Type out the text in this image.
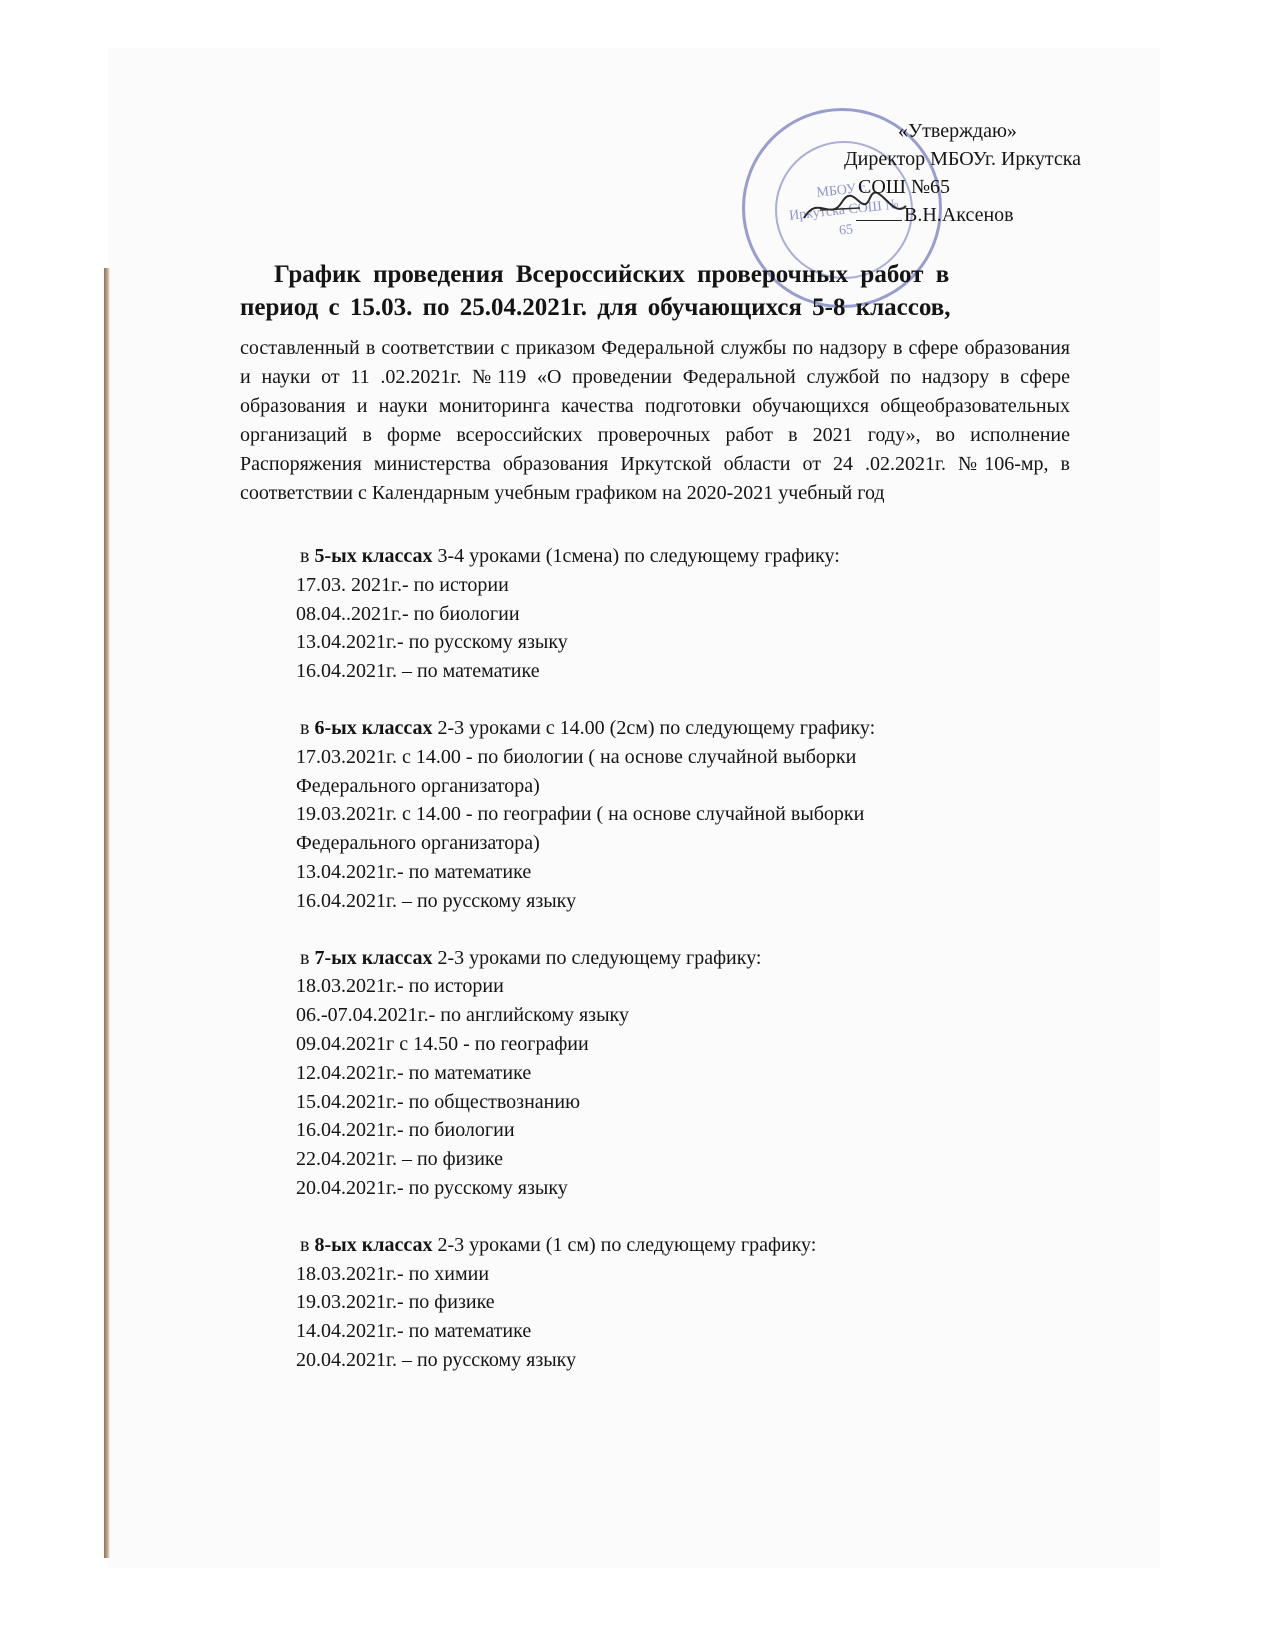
МБОУ г. Иркутска СОШ № 65
«Утверждаю»
Директор МБОУг. Иркутска
СОШ №65
В.Н.Аксенов
График проведения Всероссийских проверочных работ в
период с 15.03. по 25.04.2021г. для обучающихся 5-8 классов,
составленный в соответствии с приказом Федеральной службы по надзору в сфере образования и науки от 11 .02.2021г. №119 «О проведении Федеральной службой по надзору в сфере образования и науки мониторинга качества подготовки обучающихся общеобразовательных организаций в форме всероссийских проверочных работ в 2021 году», во исполнение Распоряжения министерства образования Иркутской области от 24 .02.2021г. №106-мр, в соответствии с Календарным учебным графиком на 2020-2021 учебный год
в 5-ых классах 3-4 уроками (1смена) по следующему графику:
17.03. 2021г.- по истории
08.04..2021г.- по биологии
13.04.2021г.- по русскому языку
16.04.2021г. – по математике
в 6-ых классах 2-3 уроками с 14.00 (2см) по следующему графику:
17.03.2021г. с 14.00 - по биологии ( на основе случайной выборки
Федерального организатора)
19.03.2021г. с 14.00 - по географии ( на основе случайной выборки
Федерального организатора)
13.04.2021г.- по математике
16.04.2021г. – по русскому языку
в 7-ых классах 2-3 уроками по следующему графику:
18.03.2021г.- по истории
06.-07.04.2021г.- по английскому языку
09.04.2021г с 14.50 - по географии
12.04.2021г.- по математике
15.04.2021г.- по обществознанию
16.04.2021г.- по биологии
22.04.2021г. – по физике
20.04.2021г.- по русскому языку
в 8-ых классах 2-3 уроками (1 см) по следующему графику:
18.03.2021г.- по химии
19.03.2021г.- по физике
14.04.2021г.- по математике
20.04.2021г. – по русскому языку
